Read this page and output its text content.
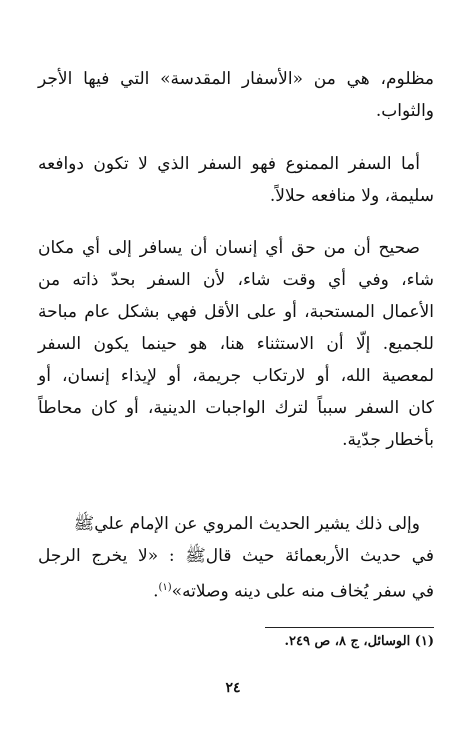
مظلوم، هي من «الأسفار المقدسة» التي فيها الأجر
والثواب.
أما السفر الممنوع فهو السفر الذي لا تكون دوافعه
سليمة، ولا منافعه حلالاً.
صحيح أن من حق أي إنسان أن يسافر إلى أي مكان
شاء، وفي أي وقت شاء، لأن السفر بحدّ ذاته من
الأعمال المستحبة، أو على الأقل فهي بشكل عام مباحة
للجميع. إلّا أن الاستثناء هنا، هو حينما يكون السفر
لمعصية الله، أو لارتكاب جريمة، أو لإيذاء إنسان، أو
كان السفر سبباً لترك الواجبات الدينية، أو كان محاطاً
بأخطار جدّية.
وإلى ذلك يشير الحديث المروي عن الإمام عليﷺ
في حديث الأربعمائة حيث قالﷺ : «لا يخرج الرجل
في سفر يُخاف منه على دينه وصلاته»$^{(١)}$.
(١) الوسائل، ج ٨، ص ٢٤٩.
٢٤
